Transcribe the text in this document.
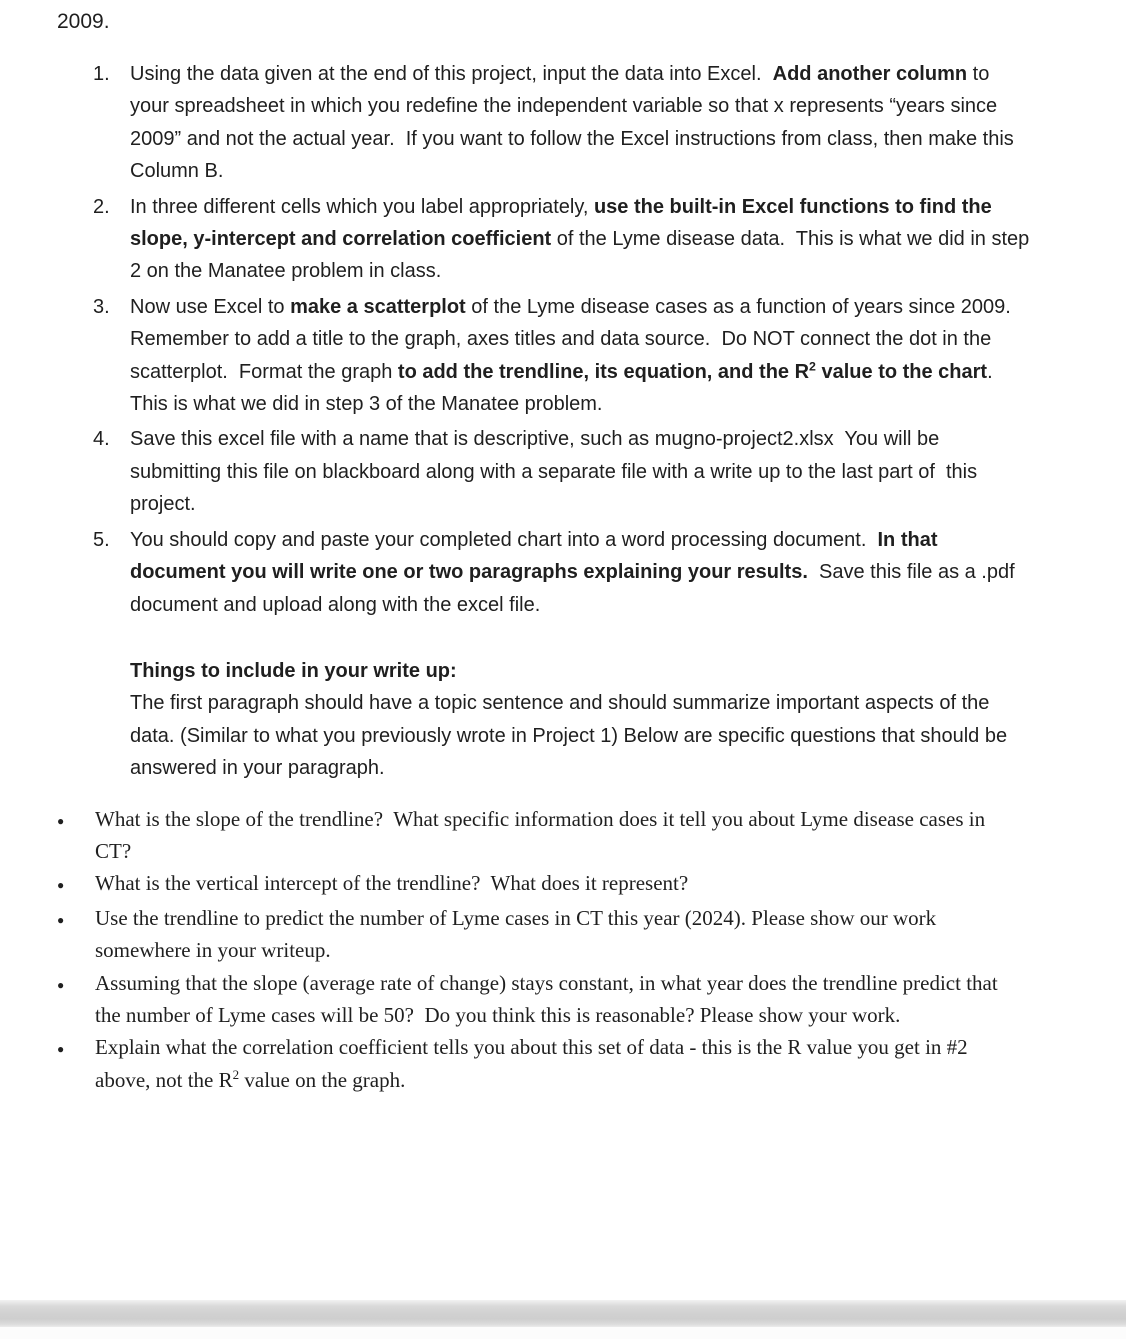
2009.
1.	Using the data given at the end of this project, input the data into Excel.  Add another column to your spreadsheet in which you redefine the independent variable so that x represents “years since 2009” and not the actual year.  If you want to follow the Excel instructions from class, then make this Column B.
2.	In three different cells which you label appropriately, use the built-in Excel functions to find the slope, y-intercept and correlation coefficient of the Lyme disease data.  This is what we did in step 2 on the Manatee problem in class.
3.	Now use Excel to make a scatterplot of the Lyme disease cases as a function of years since 2009.  Remember to add a title to the graph, axes titles and data source.  Do NOT connect the dot in the scatterplot.  Format the graph to add the trendline, its equation, and the $R^2$ value to the chart.  This is what we did in step 3 of the Manatee problem.
4.	Save this excel file with a name that is descriptive, such as mugno-project2.xlsx  You will be submitting this file on blackboard along with a separate file with a write up to the last part of  this project.
5.	You should copy and paste your completed chart into a word processing document.  In that document you will write one or two paragraphs explaining your results.  Save this file as a .pdf document and upload along with the excel file.
Things to include in your write up:
The first paragraph should have a topic sentence and should summarize important aspects of the data. (Similar to what you previously wrote in Project 1) Below are specific questions that should be answered in your paragraph.
●	What is the slope of the trendline?  What specific information does it tell you about Lyme disease cases in CT?
●	What is the vertical intercept of the trendline?  What does it represent?
●	Use the trendline to predict the number of Lyme cases in CT this year (2024). Please show our work somewhere in your writeup.
●	Assuming that the slope (average rate of change) stays constant, in what year does the trendline predict that the number of Lyme cases will be 50?  Do you think this is reasonable? Please show your work.
●	Explain what the correlation coefficient tells you about this set of data - this is the R value you get in #2 above, not the $R^2$ value on the graph.
